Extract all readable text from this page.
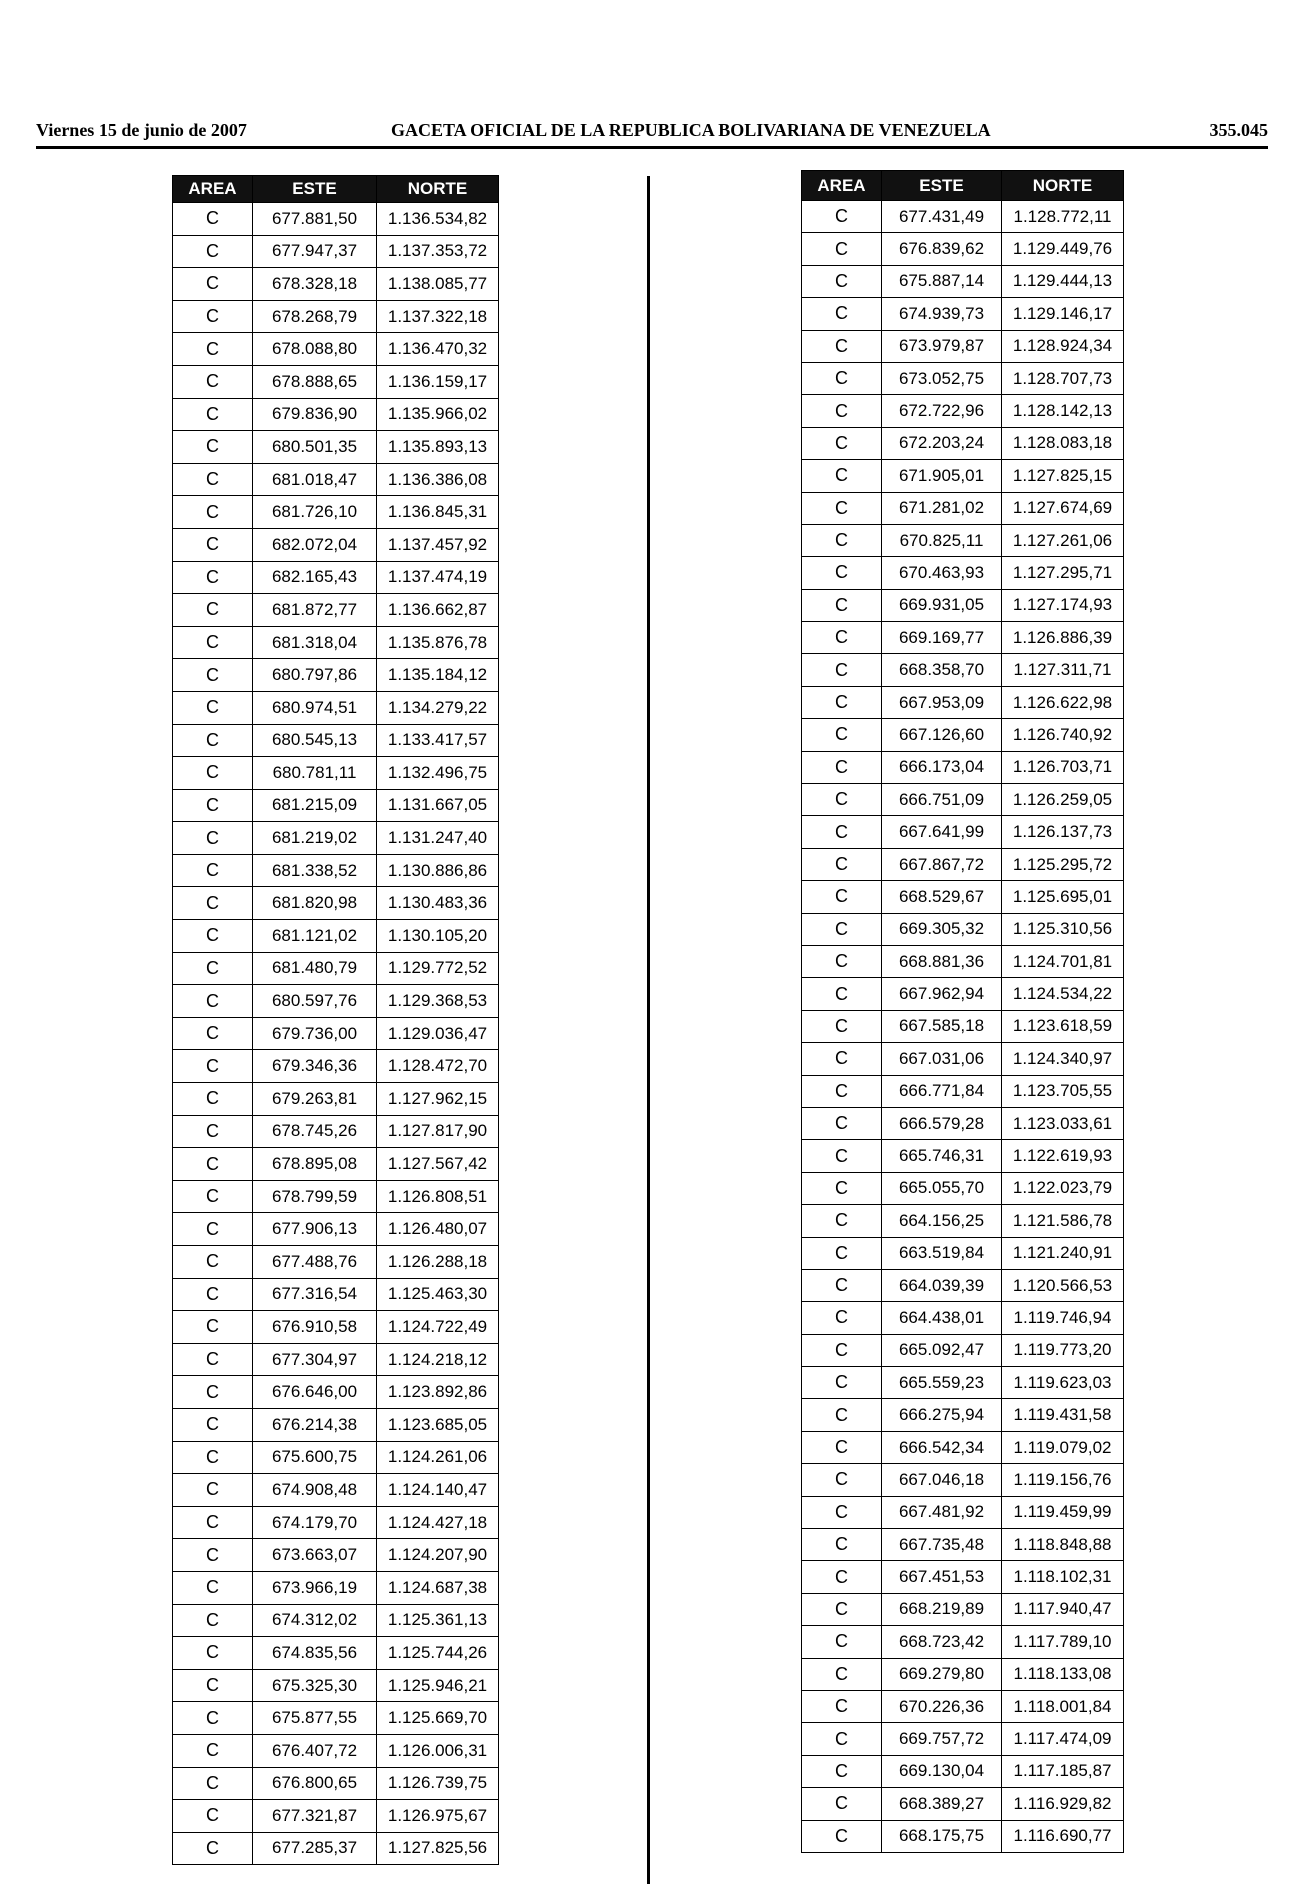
Viernes 15 de junio de 2007	GACETA OFICIAL DE LA REPUBLICA BOLIVARIANA DE VENEZUELA	355.045
AREA	ESTE	NORTE
C	677.881,50	1.136.534,82
C	677.947,37	1.137.353,72
C	678.328,18	1.138.085,77
C	678.268,79	1.137.322,18
C	678.088,80	1.136.470,32
C	678.888,65	1.136.159,17
C	679.836,90	1.135.966,02
C	680.501,35	1.135.893,13
C	681.018,47	1.136.386,08
C	681.726,10	1.136.845,31
C	682.072,04	1.137.457,92
C	682.165,43	1.137.474,19
C	681.872,77	1.136.662,87
C	681.318,04	1.135.876,78
C	680.797,86	1.135.184,12
C	680.974,51	1.134.279,22
C	680.545,13	1.133.417,57
C	680.781,11	1.132.496,75
C	681.215,09	1.131.667,05
C	681.219,02	1.131.247,40
C	681.338,52	1.130.886,86
C	681.820,98	1.130.483,36
C	681.121,02	1.130.105,20
C	681.480,79	1.129.772,52
C	680.597,76	1.129.368,53
C	679.736,00	1.129.036,47
C	679.346,36	1.128.472,70
C	679.263,81	1.127.962,15
C	678.745,26	1.127.817,90
C	678.895,08	1.127.567,42
C	678.799,59	1.126.808,51
C	677.906,13	1.126.480,07
C	677.488,76	1.126.288,18
C	677.316,54	1.125.463,30
C	676.910,58	1.124.722,49
C	677.304,97	1.124.218,12
C	676.646,00	1.123.892,86
C	676.214,38	1.123.685,05
C	675.600,75	1.124.261,06
C	674.908,48	1.124.140,47
C	674.179,70	1.124.427,18
C	673.663,07	1.124.207,90
C	673.966,19	1.124.687,38
C	674.312,02	1.125.361,13
C	674.835,56	1.125.744,26
C	675.325,30	1.125.946,21
C	675.877,55	1.125.669,70
C	676.407,72	1.126.006,31
C	676.800,65	1.126.739,75
C	677.321,87	1.126.975,67
C	677.285,37	1.127.825,56
AREA	ESTE	NORTE
C	677.431,49	1.128.772,11
C	676.839,62	1.129.449,76
C	675.887,14	1.129.444,13
C	674.939,73	1.129.146,17
C	673.979,87	1.128.924,34
C	673.052,75	1.128.707,73
C	672.722,96	1.128.142,13
C	672.203,24	1.128.083,18
C	671.905,01	1.127.825,15
C	671.281,02	1.127.674,69
C	670.825,11	1.127.261,06
C	670.463,93	1.127.295,71
C	669.931,05	1.127.174,93
C	669.169,77	1.126.886,39
C	668.358,70	1.127.311,71
C	667.953,09	1.126.622,98
C	667.126,60	1.126.740,92
C	666.173,04	1.126.703,71
C	666.751,09	1.126.259,05
C	667.641,99	1.126.137,73
C	667.867,72	1.125.295,72
C	668.529,67	1.125.695,01
C	669.305,32	1.125.310,56
C	668.881,36	1.124.701,81
C	667.962,94	1.124.534,22
C	667.585,18	1.123.618,59
C	667.031,06	1.124.340,97
C	666.771,84	1.123.705,55
C	666.579,28	1.123.033,61
C	665.746,31	1.122.619,93
C	665.055,70	1.122.023,79
C	664.156,25	1.121.586,78
C	663.519,84	1.121.240,91
C	664.039,39	1.120.566,53
C	664.438,01	1.119.746,94
C	665.092,47	1.119.773,20
C	665.559,23	1.119.623,03
C	666.275,94	1.119.431,58
C	666.542,34	1.119.079,02
C	667.046,18	1.119.156,76
C	667.481,92	1.119.459,99
C	667.735,48	1.118.848,88
C	667.451,53	1.118.102,31
C	668.219,89	1.117.940,47
C	668.723,42	1.117.789,10
C	669.279,80	1.118.133,08
C	670.226,36	1.118.001,84
C	669.757,72	1.117.474,09
C	669.130,04	1.117.185,87
C	668.389,27	1.116.929,82
C	668.175,75	1.116.690,77
